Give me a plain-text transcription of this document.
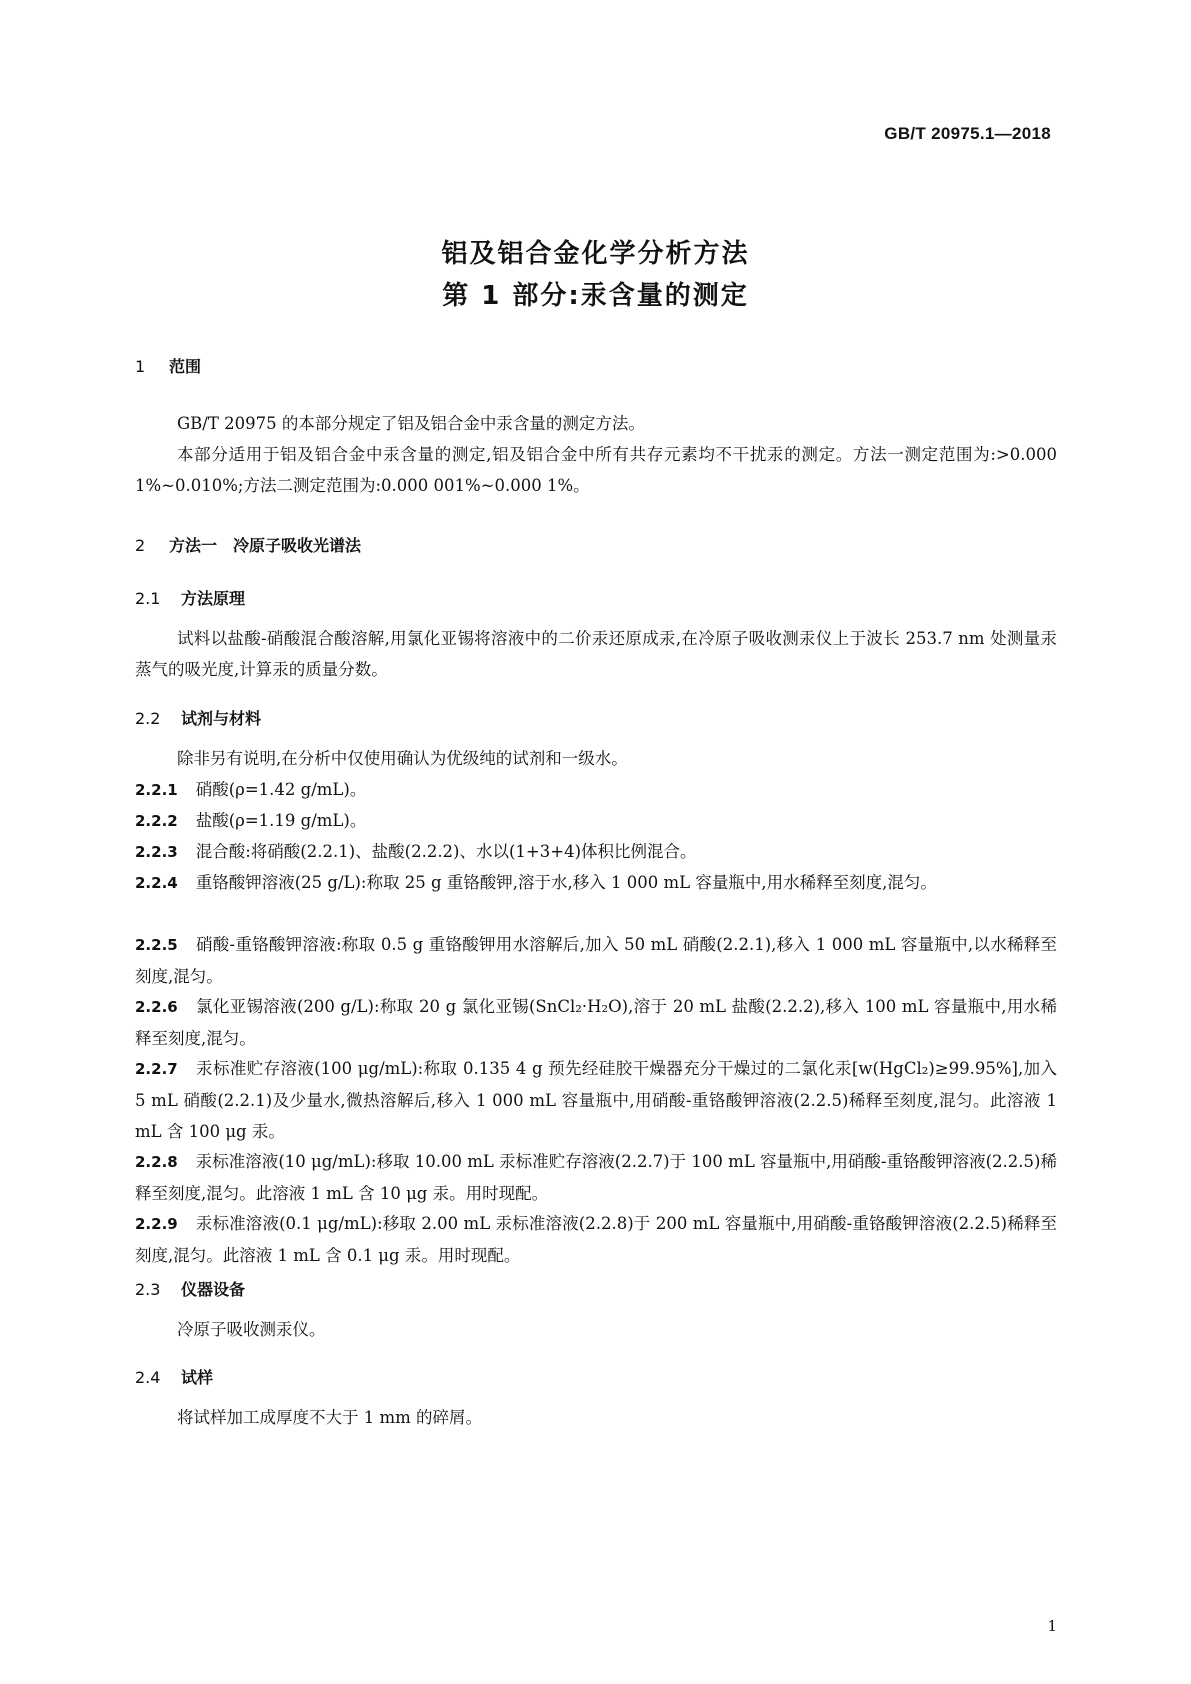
GB/T 20975.1—2018
铝及铝合金化学分析方法
第 1 部分:汞含量的测定
1 范围
GB/T 20975 的本部分规定了铝及铝合金中汞含量的测定方法。
本部分适用于铝及铝合金中汞含量的测定,铝及铝合金中所有共存元素均不干扰汞的测定。方法一测定范围为:>0.000 1%~0.010%;方法二测定范围为:0.000 001%~0.000 1%。
2 方法一　冷原子吸收光谱法
2.1 方法原理
试料以盐酸-硝酸混合酸溶解,用氯化亚锡将溶液中的二价汞还原成汞,在冷原子吸收测汞仪上于波长 253.7 nm 处测量汞蒸气的吸光度,计算汞的质量分数。
2.2 试剂与材料
除非另有说明,在分析中仅使用确认为优级纯的试剂和一级水。
2.2.1 硝酸(ρ=1.42 g/mL)。
2.2.2 盐酸(ρ=1.19 g/mL)。
2.2.3 混合酸:将硝酸(2.2.1)、盐酸(2.2.2)、水以(1+3+4)体积比例混合。
2.2.4 重铬酸钾溶液(25 g/L):称取 25 g 重铬酸钾,溶于水,移入 1 000 mL 容量瓶中,用水稀释至刻度,混匀。
2.2.5 硝酸-重铬酸钾溶液:称取 0.5 g 重铬酸钾用水溶解后,加入 50 mL 硝酸(2.2.1),移入 1 000 mL 容量瓶中,以水稀释至刻度,混匀。
2.2.6 氯化亚锡溶液(200 g/L):称取 20 g 氯化亚锡(SnCl₂·H₂O),溶于 20 mL 盐酸(2.2.2),移入 100 mL 容量瓶中,用水稀释至刻度,混匀。
2.2.7 汞标准贮存溶液(100 μg/mL):称取 0.135 4 g 预先经硅胶干燥器充分干燥过的二氯化汞[w(HgCl₂)≥99.95%],加入 5 mL 硝酸(2.2.1)及少量水,微热溶解后,移入 1 000 mL 容量瓶中,用硝酸-重铬酸钾溶液(2.2.5)稀释至刻度,混匀。此溶液 1 mL 含 100 μg 汞。
2.2.8 汞标准溶液(10 μg/mL):移取 10.00 mL 汞标准贮存溶液(2.2.7)于 100 mL 容量瓶中,用硝酸-重铬酸钾溶液(2.2.5)稀释至刻度,混匀。此溶液 1 mL 含 10 μg 汞。用时现配。
2.2.9 汞标准溶液(0.1 μg/mL):移取 2.00 mL 汞标准溶液(2.2.8)于 200 mL 容量瓶中,用硝酸-重铬酸钾溶液(2.2.5)稀释至刻度,混匀。此溶液 1 mL 含 0.1 μg 汞。用时现配。
2.3 仪器设备
冷原子吸收测汞仪。
2.4 试样
将试样加工成厚度不大于 1 mm 的碎屑。
1
